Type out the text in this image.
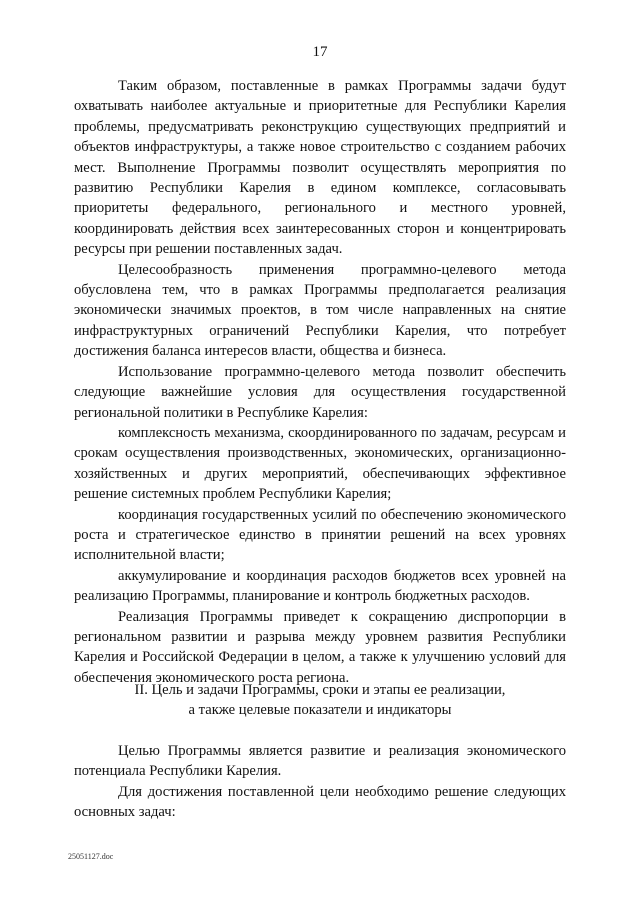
17

Таким образом, поставленные в рамках Программы задачи будут охватывать наиболее актуальные и приоритетные для Республики Карелия проблемы, предусматривать реконструкцию существующих предприятий и объектов инфраструктуры, а также новое строительство с созданием рабочих мест. Выполнение Программы позволит осуществлять мероприятия по развитию Республики Карелия в едином комплексе, согласовывать приоритеты федерального, регионального и местного уровней, координировать действия всех заинтересованных сторон и концентрировать ресурсы при решении поставленных задач.

Целесообразность применения программно-целевого метода обусловлена тем, что в рамках Программы предполагается реализация экономически значимых проектов, в том числе направленных на снятие инфраструктурных ограничений Республики Карелия, что потребует достижения баланса интересов власти, общества и бизнеса.

Использование программно-целевого метода позволит обеспечить следующие важнейшие условия для осуществления государственной региональной политики в Республике Карелия:

комплексность механизма, скоординированного по задачам, ресурсам и срокам осуществления производственных, экономических, организационно-хозяйственных и других мероприятий, обеспечивающих эффективное решение системных проблем Республики Карелия;

координация государственных усилий по обеспечению экономического роста и стратегическое единство в принятии решений на всех уровнях исполнительной власти;

аккумулирование и координация расходов бюджетов всех уровней на реализацию Программы, планирование и контроль бюджетных расходов.

Реализация Программы приведет к сокращению диспропорции в региональном развитии и разрыва между уровнем развития Республики Карелия и Российской Федерации в целом, а также к улучшению условий для обеспечения экономического роста региона.

II. Цель и задачи Программы, сроки и этапы ее реализации,
а также целевые показатели и индикаторы

Целью Программы является развитие и реализация экономического потенциала Республики Карелия.

Для достижения поставленной цели необходимо решение следующих основных задач:

25051127.doc
